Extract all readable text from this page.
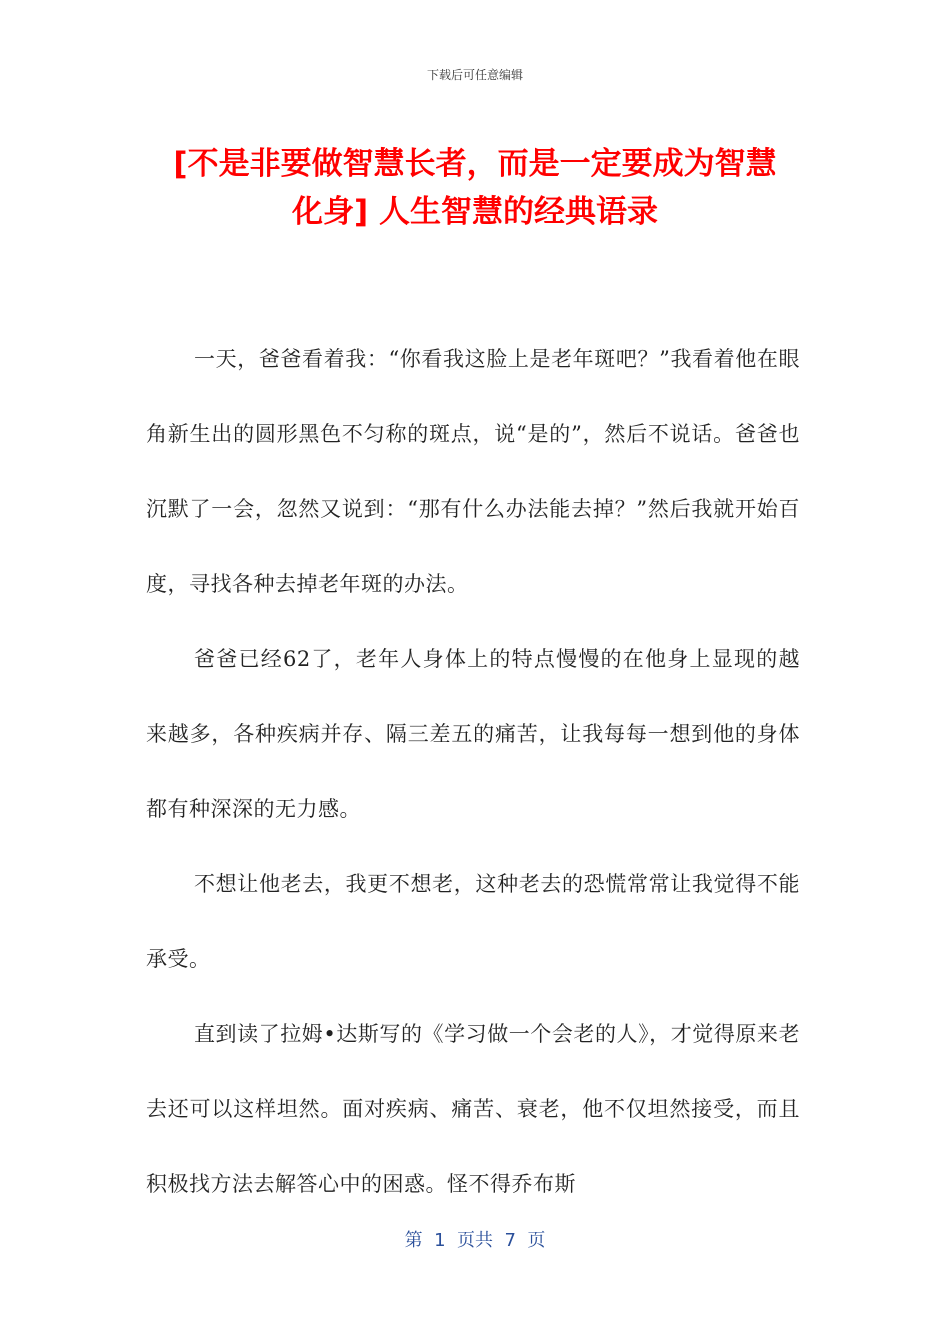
下载后可任意编辑
[不是非要做智慧长者，而是一定要成为智慧
化身] 人生智慧的经典语录

一天，爸爸看着我：“你看我这脸上是老年斑吧？”我看着他在眼角新生出的圆形黑色不匀称的斑点，说“是的”，然后不说话。爸爸也沉默了一会，忽然又说到：“那有什么办法能去掉？”然后我就开始百度，寻找各种去掉老年斑的办法。

爸爸已经62了，老年人身体上的特点慢慢的在他身上显现的越来越多，各种疾病并存、隔三差五的痛苦，让我每每一想到他的身体都有种深深的无力感。

不想让他老去，我更不想老，这种老去的恐慌常常让我觉得不能承受。

直到读了拉姆•达斯写的《学习做一个会老的人》，才觉得原来老去还可以这样坦然。面对疾病、痛苦、衰老，他不仅坦然接受，而且积极找方法去解答心中的困惑。怪不得乔布斯

第  1  页共  7  页
